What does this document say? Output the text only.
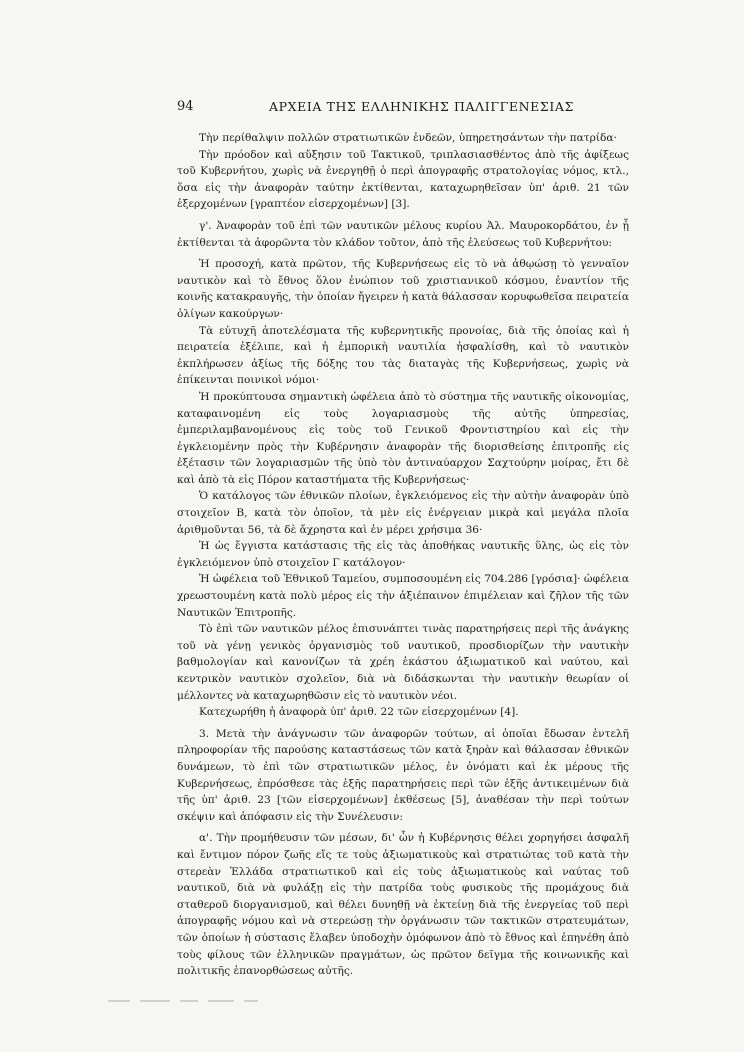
94	ΑΡΧΕΙΑ ΤΗΣ ΕΛΛΗΝΙΚΗΣ ΠΑΛΙΓΓΕΝΕΣΙΑΣ

Τὴν περίθαλψιν πολλῶν στρατιωτικῶν ἐνδεῶν, ὑπηρετησάντων τὴν πατρίδα·

Τὴν πρόοδον καὶ αὔξησιν τοῦ Τακτικοῦ, τριπλασιασθέντος ἀπὸ τῆς ἀφίξεως τοῦ Κυβερνήτου, χωρὶς νὰ ἐνεργηθῇ ὁ περὶ ἀπογραφῆς στρατολογίας νόμος, κτλ., ὅσα εἰς τὴν ἀναφορὰν ταύτην ἐκτίθενται, καταχωρηθεῖσαν ὑπ' ἀριθ. 21 τῶν ἐξερχομένων [γραπτέον εἰσερχομένων] [3].

γ'. Ἀναφορὰν τοῦ ἐπὶ τῶν ναυτικῶν μέλους κυρίου Ἀλ. Μαυροκορδάτου, ἐν ᾗ ἐκτίθενται τὰ ἀφορῶντα τὸν κλάδον τοῦτον, ἀπὸ τῆς ἐλεύσεως τοῦ Κυβερνήτου:

Ἡ προσοχή, κατὰ πρῶτον, τῆς Κυβερνήσεως εἰς τὸ νὰ ἀθῳώσῃ τὸ γενναῖον ναυτικὸν καὶ τὸ ἔθνος ὅλον ἐνώπιον τοῦ χριστιανικοῦ κόσμου, ἐναντίον τῆς κοινῆς κατακραυγῆς, τὴν ὁποίαν ἤγειρεν ἡ κατὰ θάλασσαν κορυφωθεῖσα πειρατεία ὀλίγων κακούργων·

Τὰ εὐτυχῆ ἀποτελέσματα τῆς κυβερνητικῆς προνοίας, διὰ τῆς ὁποίας καὶ ἡ πειρατεία ἐξέλιπε, καὶ ἡ ἐμπορικὴ ναυτιλία ἠσφαλίσθη, καὶ τὸ ναυτικὸν ἐκπλήρωσεν ἀξίως τῆς δόξης του τὰς διαταγὰς τῆς Κυβερνήσεως, χωρὶς νὰ ἐπίκεινται ποινικοὶ νόμοι·

Ἡ προκύπτουσα σημαντικὴ ὠφέλεια ἀπὸ τὸ σύστημα τῆς ναυτικῆς οἰκονομίας, καταφαινομένη εἰς τοὺς λογαριασμοὺς τῆς αὐτῆς ὑπηρεσίας, ἐμπεριλαμβανομένους εἰς τοὺς τοῦ Γενικοῦ Φροντιστηρίου καὶ εἰς τὴν ἐγκλειομένην πρὸς τὴν Κυβέρνησιν ἀναφορὰν τῆς διορισθείσης ἐπιτροπῆς εἰς ἐξέτασιν τῶν λογαριασμῶν τῆς ὑπὸ τὸν ἀντιναύαρχον Σαχτούρην μοίρας, ἔτι δὲ καὶ ἀπὸ τὰ εἰς Πόρον καταστήματα τῆς Κυβερνήσεως·

Ὁ κατάλογος τῶν ἐθνικῶν πλοίων, ἐγκλειόμενος εἰς τὴν αὐτὴν ἀναφορὰν ὑπὸ στοιχεῖον Β, κατὰ τὸν ὁποῖον, τὰ μὲν εἰς ἐνέργειαν μικρὰ καὶ μεγάλα πλοῖα ἀριθμοῦνται 56, τὰ δὲ ἄχρηστα καὶ ἐν μέρει χρήσιμα 36·

Ἡ ὡς ἔγγιστα κατάστασις τῆς εἰς τὰς ἀποθήκας ναυτικῆς ὕλης, ὡς εἰς τὸν ἐγκλειόμενον ὑπὸ στοιχεῖον Γ κατάλογον·

Ἡ ὠφέλεια τοῦ Ἐθνικοῦ Ταμείου, συμποσουμένη εἰς 704.286 [γρόσια]· ὠφέλεια χρεωστουμένη κατὰ πολὺ μέρος εἰς τὴν ἀξιέπαινον ἐπιμέλειαν καὶ ζῆλον τῆς τῶν Ναυτικῶν Ἐπιτροπῆς.

Τὸ ἐπὶ τῶν ναυτικῶν μέλος ἐπισυνάπτει τινὰς παρατηρήσεις περὶ τῆς ἀνάγκης τοῦ νὰ γένῃ γενικὸς ὀργανισμὸς τοῦ ναυτικοῦ, προσδιορίζων τὴν ναυτικὴν βαθμολογίαν καὶ κανονίζων τὰ χρέη ἑκάστου ἀξιωματικοῦ καὶ ναύτου, καὶ κεντρικὸν ναυτικὸν σχολεῖον, διὰ νὰ διδάσκωνται τὴν ναυτικὴν θεωρίαν οἱ μέλλοντες νὰ καταχωρηθῶσιν εἰς τὸ ναυτικὸν νέοι.

Κατεχωρήθη ἡ ἀναφορὰ ὑπ' ἀριθ. 22 τῶν εἰσερχομένων [4].

3. Μετὰ τὴν ἀνάγνωσιν τῶν ἀναφορῶν τούτων, αἱ ὁποῖαι ἔδωσαν ἐντελῆ πληροφορίαν τῆς παρούσης καταστάσεως τῶν κατὰ ξηρὰν καὶ θάλασσαν ἐθνικῶν δυνάμεων, τὸ ἐπὶ τῶν στρατιωτικῶν μέλος, ἐν ὀνόματι καὶ ἐκ μέρους τῆς Κυβερνήσεως, ἐπρόσθεσε τὰς ἑξῆς παρατηρήσεις περὶ τῶν ἑξῆς ἀντικειμένων διὰ τῆς ὑπ' ἀριθ. 23 [τῶν εἰσερχομένων] ἐκθέσεως [5], ἀναθέσαν τὴν περὶ τούτων σκέψιν καὶ ἀπόφασιν εἰς τὴν Συνέλευσιν:

α'. Τὴν προμήθευσιν τῶν μέσων, δι' ὧν ἡ Κυβέρνησις θέλει χορηγήσει ἀσφαλῆ καὶ ἔντιμον πόρον ζωῆς εἴς τε τοὺς ἀξιωματικοὺς καὶ στρατιώτας τοῦ κατὰ τὴν στερεὰν Ἑλλάδα στρατιωτικοῦ καὶ εἰς τοὺς ἀξιωματικοὺς καὶ ναύτας τοῦ ναυτικοῦ, διὰ νὰ φυλάξῃ εἰς τὴν πατρίδα τοὺς φυσικοὺς τῆς προμάχους διὰ σταθεροῦ διοργανισμοῦ, καὶ θέλει δυνηθῇ νὰ ἐκτείνῃ διὰ τῆς ἐνεργείας τοῦ περὶ ἀπογραφῆς νόμου καὶ νὰ στερεώσῃ τὴν ὀργάνωσιν τῶν τακτικῶν στρατευμάτων, τῶν ὁποίων ἡ σύστασις ἔλαβεν ὑποδοχὴν ὁμόφωνον ἀπὸ τὸ ἔθνος καὶ ἐπηνέθη ἀπὸ τοὺς φίλους τῶν ἑλληνικῶν πραγμάτων, ὡς πρῶτον δεῖγμα τῆς κοινωνικῆς καὶ πολιτικῆς ἐπανορθώσεως αὐτῆς.
